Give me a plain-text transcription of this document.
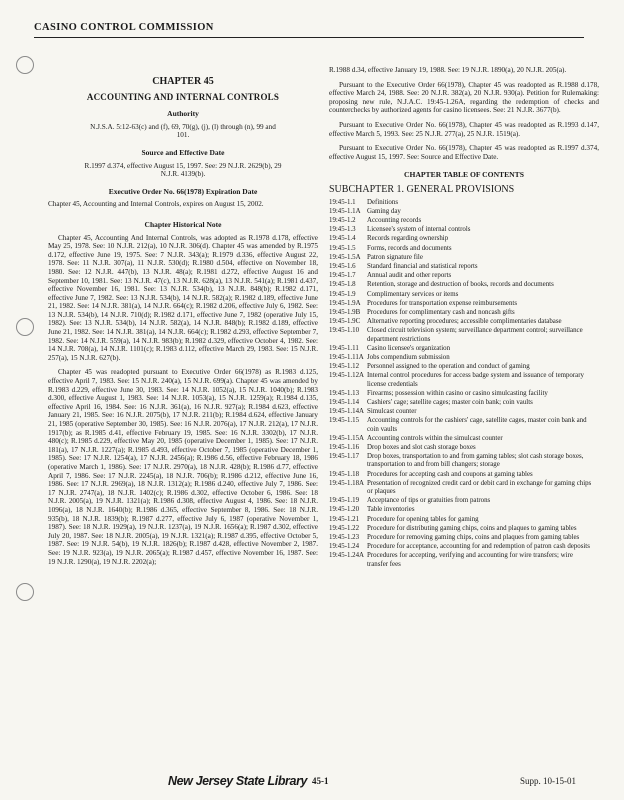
CASINO CONTROL COMMISSION
CHAPTER 45
ACCOUNTING AND INTERNAL CONTROLS
Authority

N.J.S.A. 5:12-63(c) and (f), 69, 70(g), (j), (l) through (n), 99 and 101.

Source and Effective Date

R.1997 d.374, effective August 15, 1997. See: 29 N.J.R. 2629(b), 29 N.J.R. 4139(b).

Executive Order No. 66(1978) Expiration Date

Chapter 45, Accounting and Internal Controls, expires on August 15, 2002.

Chapter Historical Note

Chapter 45, Accounting And Internal Controls, was adopted as R.1978 d.178, effective May 25, 1978. See: 10 N.J.R. 212(a), 10 N.J.R. 306(d). Chapter 45 was amended by R.1975 d.172, effective June 19, 1975. See: 7 N.J.R. 343(a); R.1979 d.336, effective August 22, 1978. See: 11 N.J.R. 307(a), 11 N.J.R. 530(d); R.1980 d.504, effective on November 18, 1980. See: 12 N.J.R. 447(b), 13 N.J.R. 48(a); R.1981 d.272, effective August 16 and September 10, 1981. See: 13 N.J.R. 47(c), 13 N.J.R. 628(a), 13 N.J.R. 541(a); R.1981 d.437, effective November 16, 1981. See: 13 N.J.R. 534(b), 13 N.J.R. 848(b); R.1982 d.171, effective June 7, 1982. See: 13 N.J.R. 534(b), 14 N.J.R. 582(a); R.1982 d.189, effective June 21, 1982. See: 14 N.J.R. 381(a), 14 N.J.R. 664(c); R.1982 d.206, effective July 6, 1982. See: 13 N.J.R. 534(b), 14 N.J.R. 710(d); R.1982 d.171, effective June 7, 1982 (operative July 15, 1982). See: 13 N.J.R. 534(b), 14 N.J.R. 582(a), 14 N.J.R. 848(b); R.1982 d.189, effective June 21, 1982. See: 14 N.J.R. 381(a), 14 N.J.R. 664(c); R.1982 d.293, effective September 7, 1982. See: 14 N.J.R. 559(a), 14 N.J.R. 983(b); R.1982 d.329, effective October 4, 1982. See: 14 N.J.R. 708(a), 14 N.J.R. 1101(c); R.1983 d.112, effective March 29, 1983. See: 15 N.J.R. 257(a), 15 N.J.R. 627(b).

Chapter 45 was readopted pursuant to Executive Order 66(1978) as R.1983 d.125, effective April 7, 1983. See: 15 N.J.R. 240(a), 15 N.J.R. 699(a). Chapter 45 was amended by R.1983 d.229, effective June 30, 1983. See: 14 N.J.R. 1052(a), 15 N.J.R. 1040(b); R.1983 d.300, effective August 1, 1983. See: 14 N.J.R. 1053(a), 15 N.J.R. 1259(a); R.1984 d.135, effective April 16, 1984. See: 16 N.J.R. 361(a), 16 N.J.R. 927(a); R.1984 d.623, effective January 21, 1985. See: 16 N.J.R. 2075(b), 17 N.J.R. 211(b); R.1984 d.624, effective January 21, 1985 (operative September 30, 1985). See: 16 N.J.R. 2076(a), 17 N.J.R. 212(a), 17 N.J.R. 1917(b); as R.1985 d.41, effective February 19, 1985. See: 16 N.J.R. 3302(b), 17 N.J.R. 480(c); R.1985 d.229, effective May 20, 1985 (operative December 1, 1985). See: 17 N.J.R. 181(a), 17 N.J.R. 1227(a); R.1985 d.493, effective October 7, 1985 (operative December 1, 1985). See: 17 N.J.R. 1254(a), 17 N.J.R. 2456(a); R.1986 d.56, effective February 18, 1986 (operative March 1, 1986). See: 17 N.J.R. 2970(a), 18 N.J.R. 428(b); R.1986 d.77, effective April 7, 1986. See: 17 N.J.R. 2245(a), 18 N.J.R. 706(b); R.1986 d.212, effective June 16, 1986. See: 17 N.J.R. 2969(a), 18 N.J.R. 1312(a); R.1986 d.240, effective July 7, 1986. See: 17 N.J.R. 2747(a), 18 N.J.R. 1402(c); R.1986 d.302, effective October 6, 1986. See: 18 N.J.R. 2005(a), 19 N.J.R. 1321(a); R.1986 d.308, effective August 4, 1986. See: 18 N.J.R. 1096(a), 18 N.J.R. 1640(b); R.1986 d.365, effective September 8, 1986. See: 18 N.J.R. 935(b), 18 N.J.R. 1839(b); R.1987 d.277, effective July 6, 1987 (operative November 1, 1987). See: 18 N.J.R. 1929(a), 19 N.J.R. 1237(a), 19 N.J.R. 1656(a); R.1987 d.302, effective July 20, 1987. See: 18 N.J.R. 2005(a), 19 N.J.R. 1321(a); R.1987 d.395, effective October 5, 1987. See: 19 N.J.R. 54(b), 19 N.J.R. 1826(b); R.1987 d.428, effective November 2, 1987. See: 19 N.J.R. 923(a), 19 N.J.R. 2065(a); R.1987 d.457, effective November 16, 1987. See: 19 N.J.R. 1290(a), 19 N.J.R. 2202(a);

R.1988 d.34, effective January 19, 1988. See: 19 N.J.R. 1890(a), 20 N.J.R. 205(a).

Pursuant to the Executive Order 66(1978), Chapter 45 was readopted as R.1988 d.178, effective March 24, 1988. See: 20 N.J.R. 382(a), 20 N.J.R. 930(a). Petition for Rulemaking: proposing new rule, N.J.A.C. 19:45-1.26A, regarding the redemption of checks and counterchecks by authorized agents for casino licensees. See: 21 N.J.R. 3677(b).

Pursuant to Executive Order No. 66(1978), Chapter 45 was readopted as R.1993 d.147, effective March 5, 1993. See: 25 N.J.R. 277(a), 25 N.J.R. 1519(a).

Pursuant to Executive Order No. 66(1978), Chapter 45 was readopted as R.1997 d.374, effective August 15, 1997. See: Source and Effective Date.

CHAPTER TABLE OF CONTENTS
SUBCHAPTER 1. GENERAL PROVISIONS
19:45-1.1	Definitions
19:45-1.1A Gaming day
19:45-1.2	Accounting records
19:45-1.3	Licensee's system of internal controls
19:45-1.4	Records regarding ownership
19:45-1.5	Forms, records and documents
19:45-1.5A Patron signature file
19:45-1.6	Standard financial and statistical reports
19:45-1.7	Annual audit and other reports
19:45-1.8	Retention, storage and destruction of books, records and documents
19:45-1.9	Complimentary services or items
19:45-1.9A Procedures for transportation expense reimbursements
19:45-1.9B Procedures for complimentary cash and noncash gifts
19:45-1.9C Alternative reporting procedures; accessible complimentaries database
19:45-1.10	Closed circuit television system; surveillance department control; surveillance department restrictions
19:45-1.11	Casino licensee's organization
19:45-1.11A Jobs compendium submission
19:45-1.12	Personnel assigned to the operation and conduct of gaming
19:45-1.12A Internal control procedures for access badge system and issuance of temporary license credentials
19:45-1.13	Firearms; possession within casino or casino simulcasting facility
19:45-1.14	Cashiers' cage; satellite cages; master coin bank; coin vaults
19:45-1.14A Simulcast counter
19:45-1.15	Accounting controls for the cashiers' cage, satellite cages, master coin bank and coin vaults
19:45-1.15A Accounting controls within the simulcast counter
19:45-1.16	Drop boxes and slot cash storage boxes
19:45-1.17	Drop boxes, transportation to and from gaming tables; slot cash storage boxes, transportation to and from bill changers; storage
19:45-1.18	Procedures for accepting cash and coupons at gaming tables
19:45-1.18A Presentation of recognized credit card or debit card in exchange for gaming chips or plaques
19:45-1.19	Acceptance of tips or gratuities from patrons
19:45-1.20	Table inventories
19:45-1.21	Procedure for opening tables for gaming
19:45-1.22	Procedure for distributing gaming chips, coins and plaques to gaming tables
19:45-1.23	Procedure for removing gaming chips, coins and plaques from gaming tables
19:45-1.24	Procedure for acceptance, accounting for and redemption of patron cash deposits
19:45-1.24A Procedures for accepting, verifying and accounting for wire transfers; wire transfer fees
New Jersey State Library 45-1	Supp. 10-15-01
